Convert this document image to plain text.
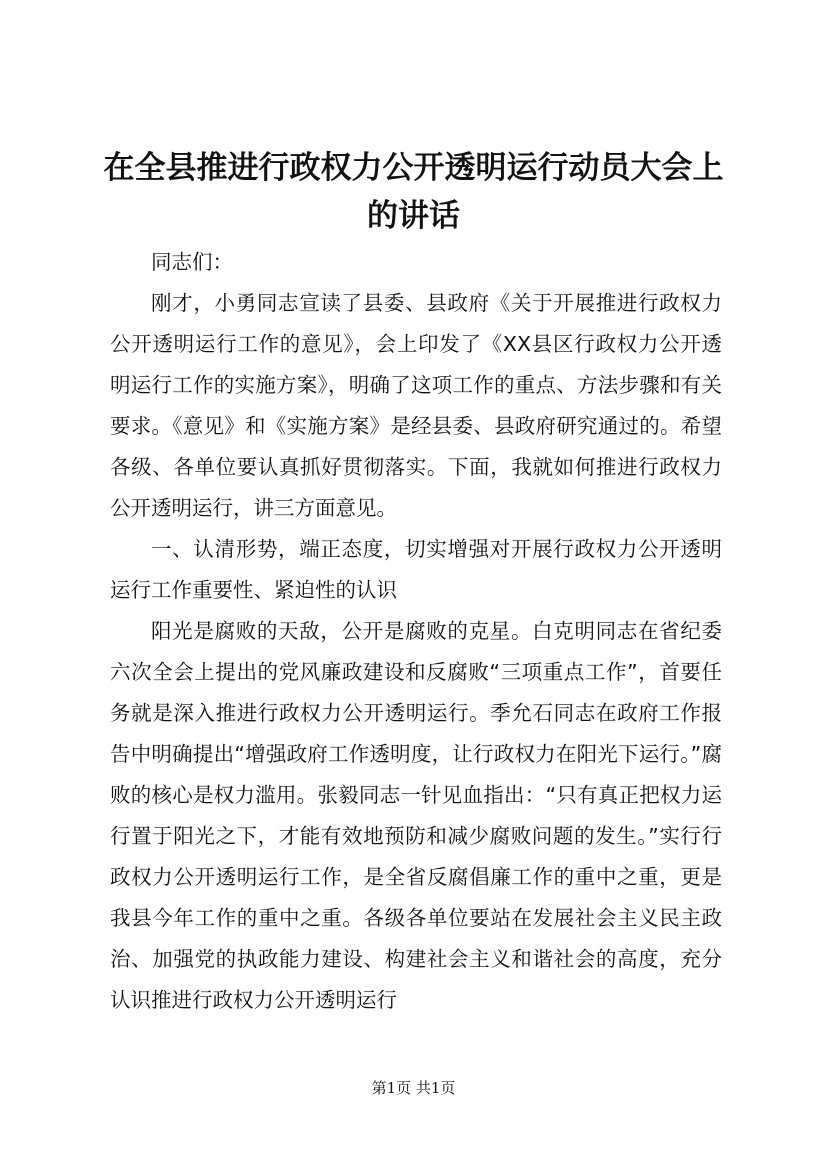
在全县推进行政权力公开透明运行动员大会上的讲话

同志们：

刚才，小勇同志宣读了县委、县政府《关于开展推进行政权力公开透明运行工作的意见》，会上印发了《XX县区行政权力公开透明运行工作的实施方案》，明确了这项工作的重点、方法步骤和有关要求。《意见》和《实施方案》是经县委、县政府研究通过的。希望各级、各单位要认真抓好贯彻落实。下面，我就如何推进行政权力公开透明运行，讲三方面意见。

一、认清形势，端正态度，切实增强对开展行政权力公开透明运行工作重要性、紧迫性的认识

阳光是腐败的天敌，公开是腐败的克星。白克明同志在省纪委六次全会上提出的党风廉政建设和反腐败“三项重点工作”，首要任务就是深入推进行政权力公开透明运行。季允石同志在政府工作报告中明确提出“增强政府工作透明度，让行政权力在阳光下运行。”腐败的核心是权力滥用。张毅同志一针见血指出：“只有真正把权力运行置于阳光之下，才能有效地预防和减少腐败问题的发生。”实行行政权力公开透明运行工作，是全省反腐倡廉工作的重中之重，更是我县今年工作的重中之重。各级各单位要站在发展社会主义民主政治、加强党的执政能力建设、构建社会主义和谐社会的高度，充分认识推进行政权力公开透明运行

第1页 共1页
